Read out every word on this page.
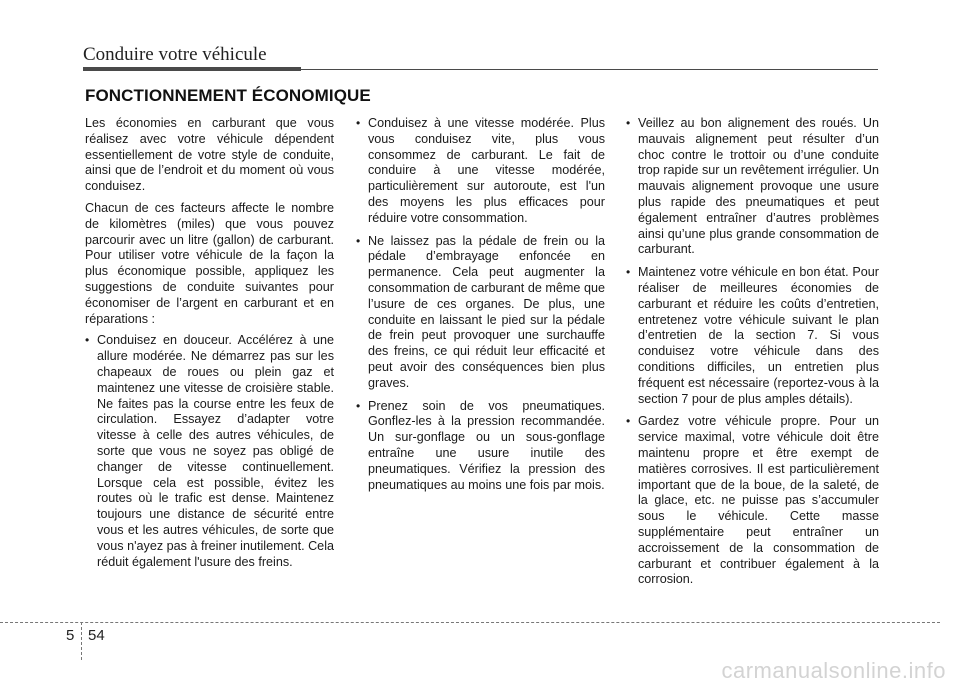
Conduire votre véhicule
FONCTIONNEMENT ÉCONOMIQUE

Les économies en carburant que vous réalisez avec votre véhicule dépendent essentiellement de votre style de conduite, ainsi que de l’endroit et du moment où vous conduisez.

Chacun de ces facteurs affecte le nombre de kilomètres (miles) que vous pouvez parcourir avec un litre (gallon) de carburant. Pour utiliser votre véhicule de la façon la plus économique possible, appliquez les suggestions de conduite suivantes pour économiser de l’argent en carburant et en réparations :

• Conduisez en douceur. Accélérez à une allure modérée. Ne démarrez pas sur les chapeaux de roues ou plein gaz et maintenez une vitesse de croisière stable. Ne faites pas la course entre les feux de circulation. Essayez d’adapter votre vitesse à celle des autres véhicules, de sorte que vous ne soyez pas obligé de changer de vitesse continuellement. Lorsque cela est possible, évitez les routes où le trafic est dense. Maintenez toujours une distance de sécurité entre vous et les autres véhicules, de sorte que vous n'ayez pas à freiner inutilement. Cela réduit également l'usure des freins.
• Conduisez à une vitesse modérée. Plus vous conduisez vite, plus vous consommez de carburant. Le fait de conduire à une vitesse modérée, particulièrement sur autoroute, est l'un des moyens les plus efficaces pour réduire votre consommation.
• Ne laissez pas la pédale de frein ou la pédale d’embrayage enfoncée en permanence. Cela peut augmenter la consommation de carburant de même que l’usure de ces organes. De plus, une conduite en laissant le pied sur la pédale de frein peut provoquer une surchauffe des freins, ce qui réduit leur efficacité et peut avoir des conséquences bien plus graves.
• Prenez soin de vos pneumatiques. Gonflez-les à la pression recommandée. Un sur-gonflage ou un sous-gonflage entraîne une usure inutile des pneumatiques. Vérifiez la pression des pneumatiques au moins une fois par mois.
• Veillez au bon alignement des roués. Un mauvais alignement peut résulter d’un choc contre le trottoir ou d’une conduite trop rapide sur un revêtement irrégulier. Un mauvais alignement provoque une usure plus rapide des pneumatiques et peut également entraîner d’autres problèmes ainsi qu’une plus grande consommation de carburant.
• Maintenez votre véhicule en bon état. Pour réaliser de meilleures économies de carburant et réduire les coûts d’entretien, entretenez votre véhicule suivant le plan d’entretien de la section 7. Si vous conduisez votre véhicule dans des conditions difficiles, un entretien plus fréquent est nécessaire (reportez-vous à la section 7 pour de plus amples détails).
• Gardez votre véhicule propre. Pour un service maximal, votre véhicule doit être maintenu propre et être exempt de matières corrosives. Il est particulièrement important que de la boue, de la saleté, de la glace, etc. ne puisse pas s’accumuler sous le véhicule. Cette masse supplémentaire peut entraîner un accroissement de la consommation de carburant et contribuer également à la corrosion.
5 54
carmanualsonline.info
